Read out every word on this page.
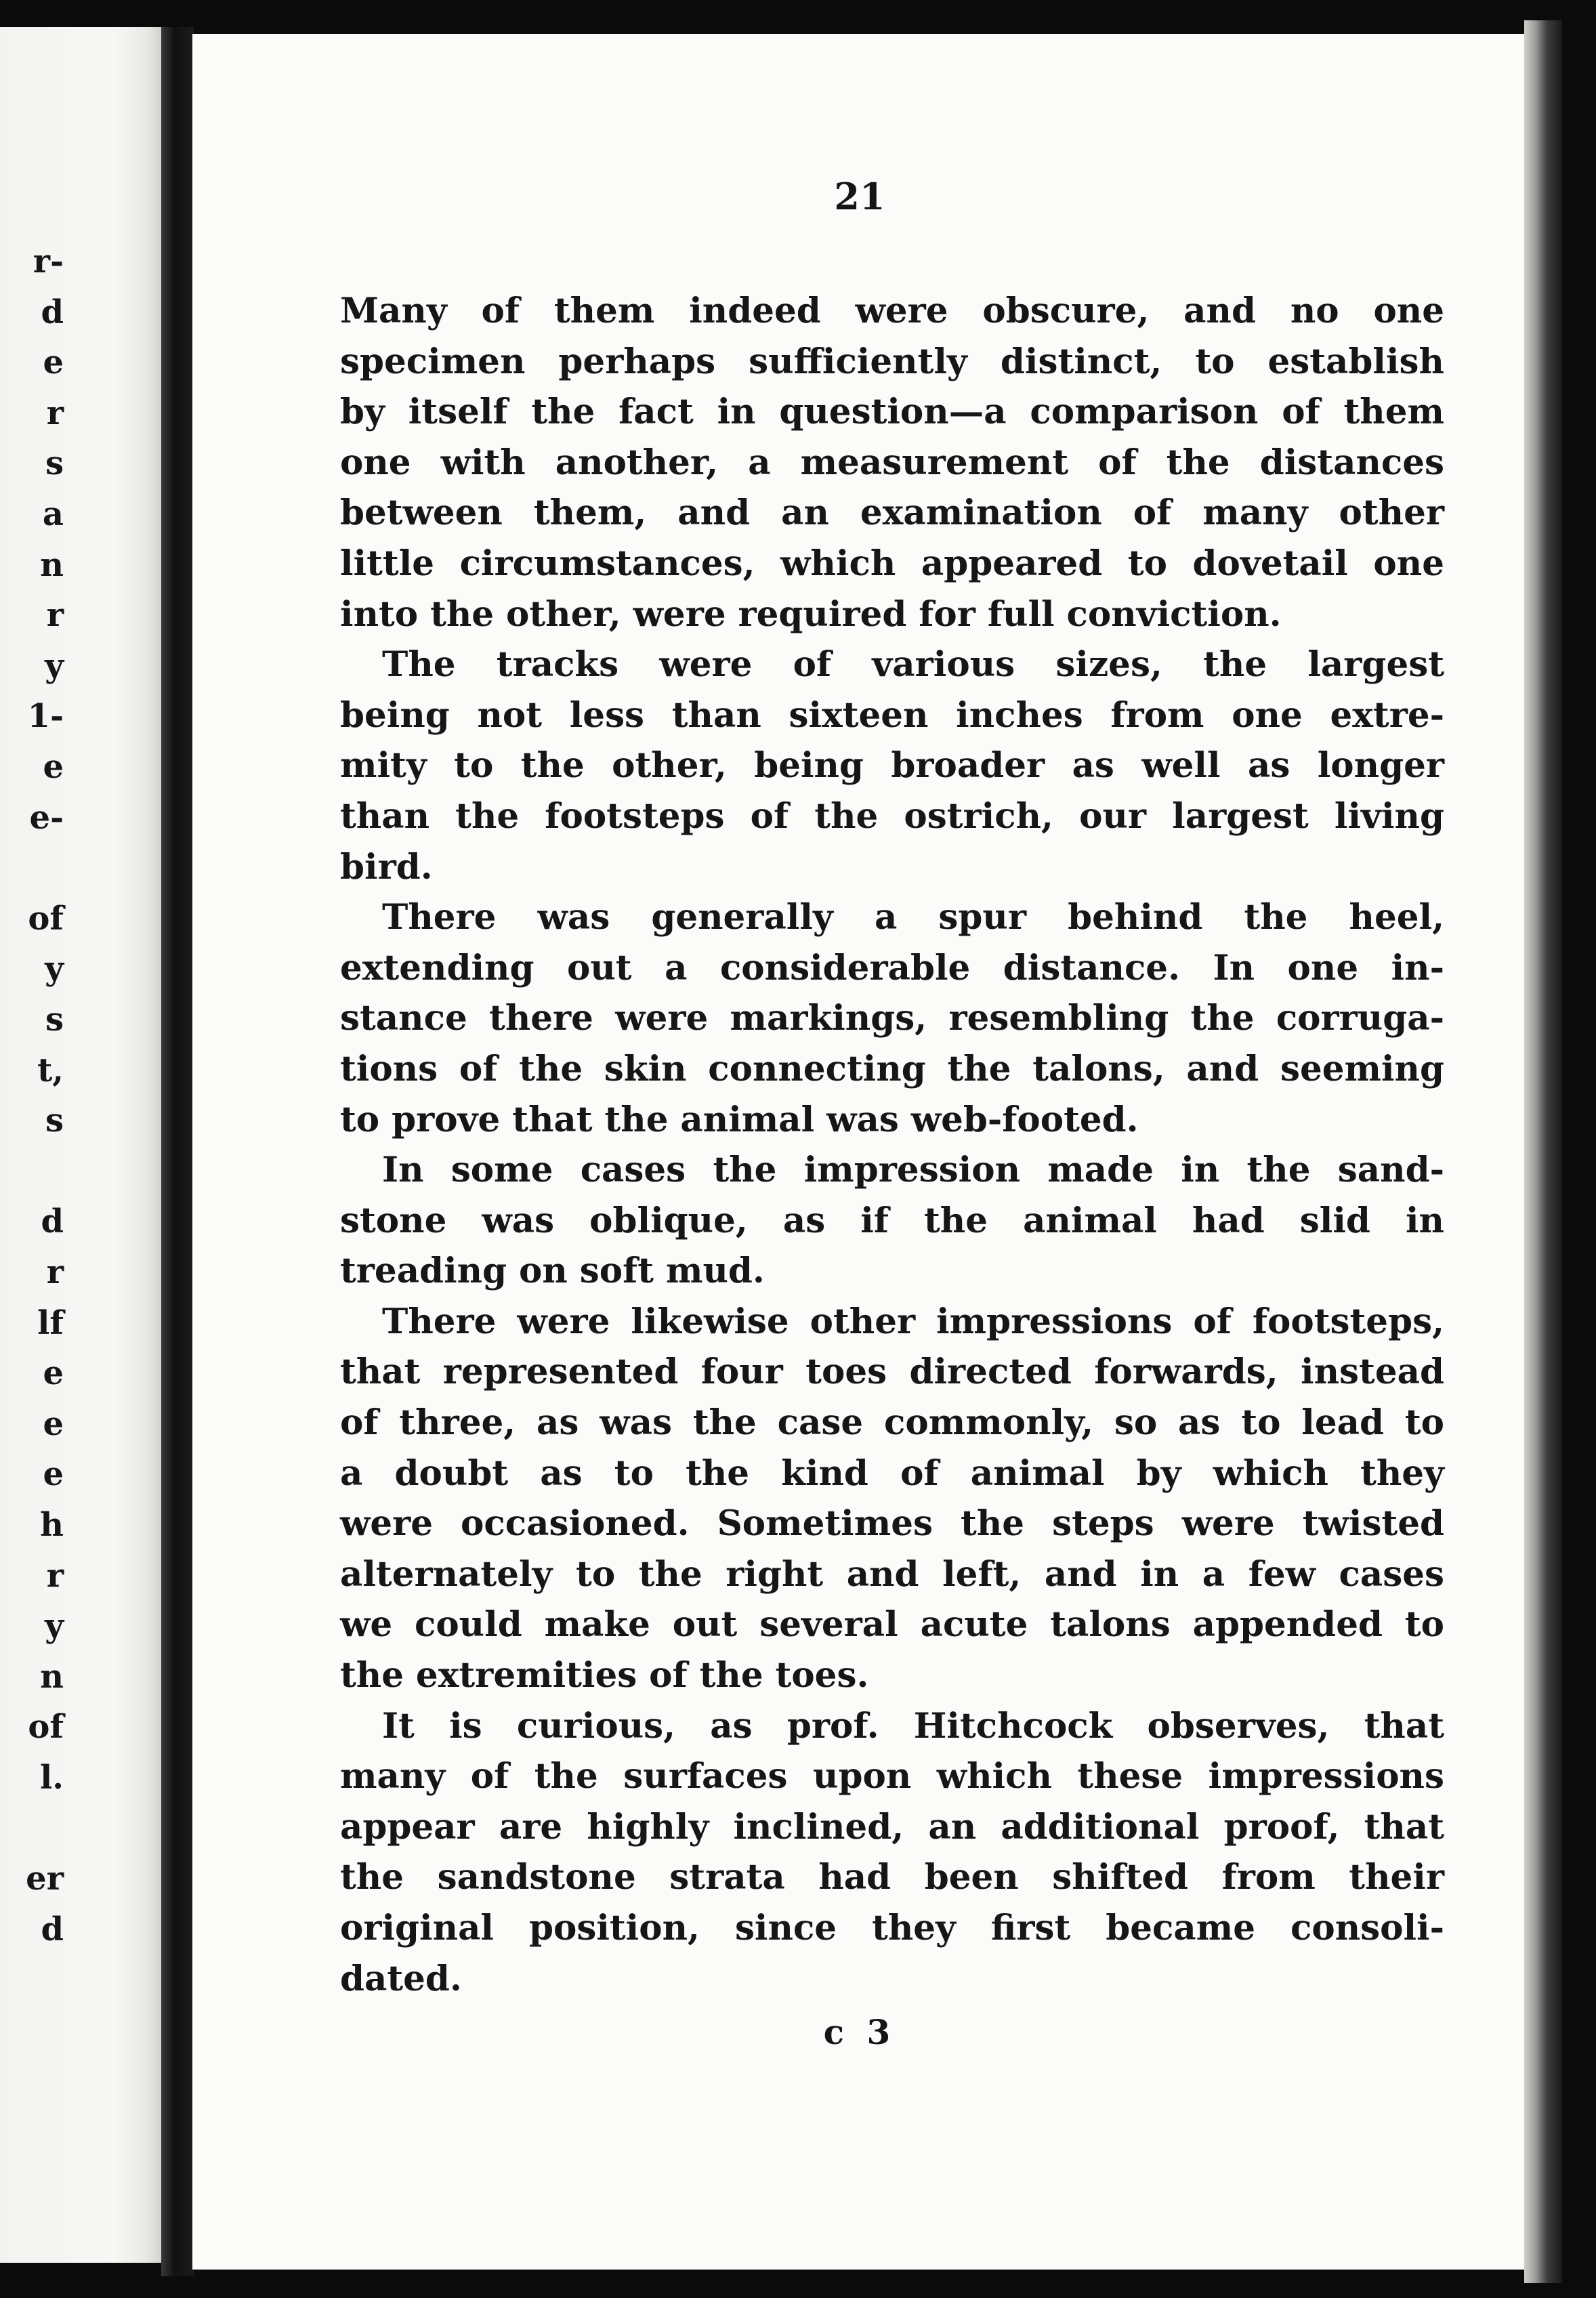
r-
d
e
r
s
a
n
r
y
1-
e
e-
of
y
s
t,
s
d
r
lf
e
e
e
h
r
y
n
of
l.
er
d
21
Many of them indeed were obscure, and no one
specimen perhaps sufficiently distinct, to establish
by itself the fact in question—a comparison of them
one with another, a measurement of the distances
between them, and an examination of many other
little circumstances, which appeared to dovetail one
into the other, were required for full conviction.
The tracks were of various sizes, the largest
being not less than sixteen inches from one extre-
mity to the other, being broader as well as longer
than the footsteps of the ostrich, our largest living
bird.
There was generally a spur behind the heel,
extending out a considerable distance. In one in-
stance there were markings, resembling the corruga-
tions of the skin connecting the talons, and seeming
to prove that the animal was web-footed.
In some cases the impression made in the sand-
stone was oblique, as if the animal had slid in
treading on soft mud.
There were likewise other impressions of footsteps,
that represented four toes directed forwards, instead
of three, as was the case commonly, so as to lead to
a doubt as to the kind of animal by which they
were occasioned. Sometimes the steps were twisted
alternately to the right and left, and in a few cases
we could make out several acute talons appended to
the extremities of the toes.
It is curious, as prof. Hitchcock observes, that
many of the surfaces upon which these impressions
appear are highly inclined, an additional proof, that
the sandstone strata had been shifted from their
original position, since they first became consoli-
dated.
c 3
